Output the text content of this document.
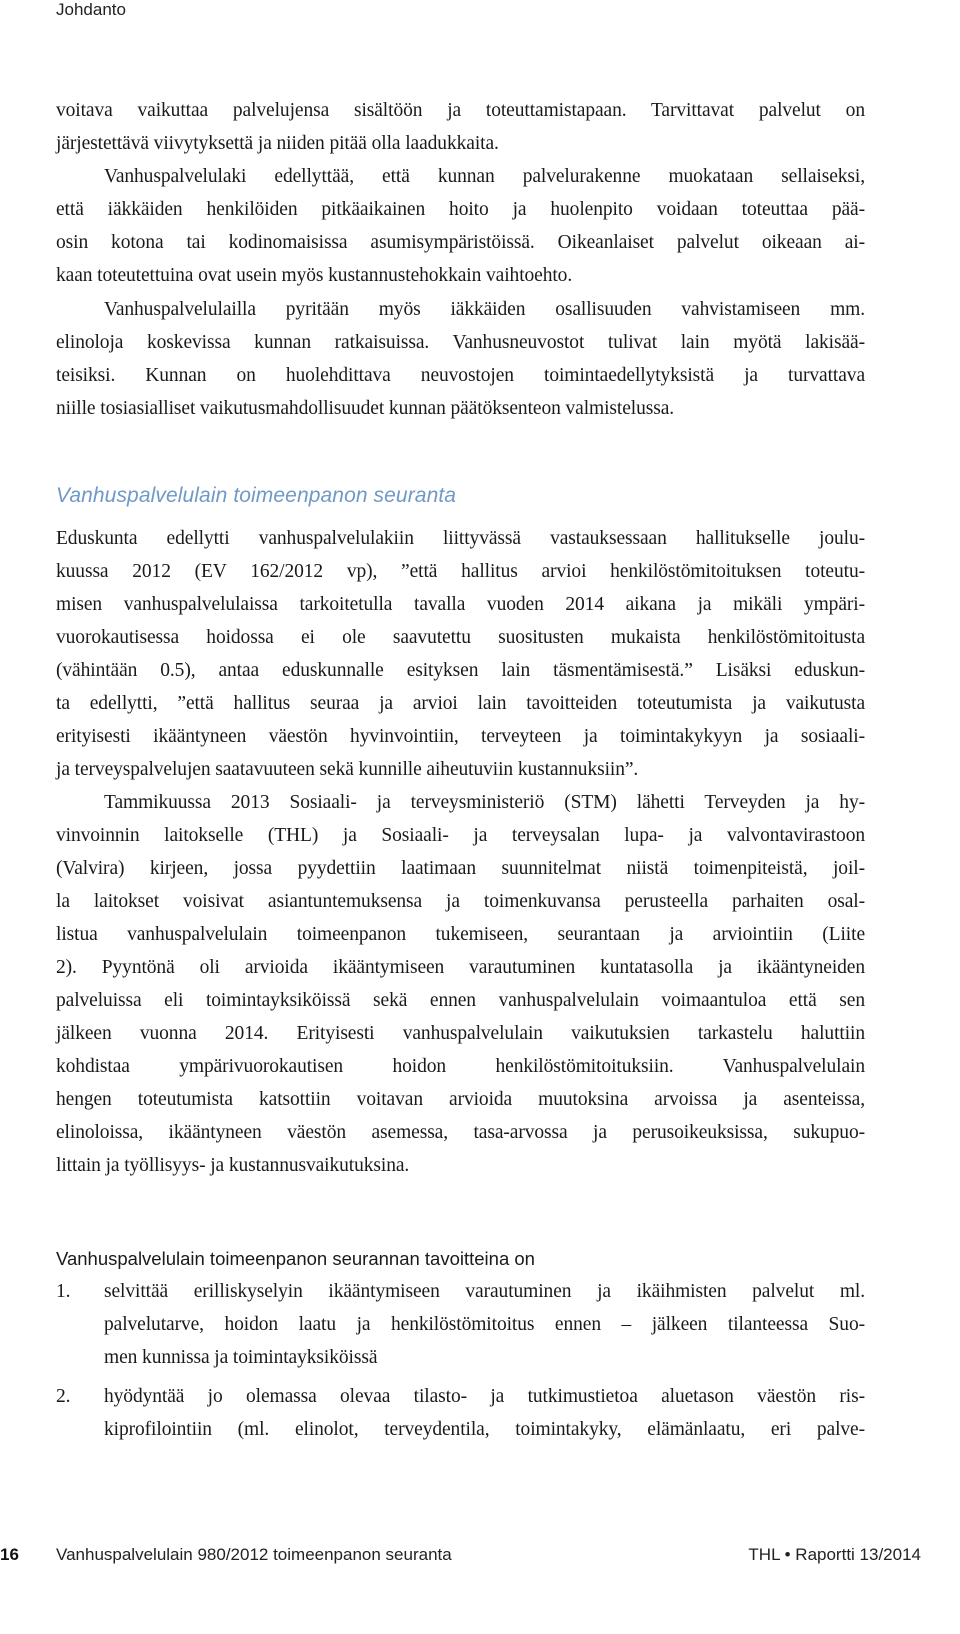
Johdanto
voitava vaikuttaa palvelujensa sisältöön ja toteuttamistapaan. Tarvittavat palvelut on
järjestettävä viivytyksettä ja niiden pitää olla laadukkaita.
Vanhuspalvelulaki edellyttää, että kunnan palvelurakenne muokataan sellaiseksi,
että iäkkäiden henkilöiden pitkäaikainen hoito ja huolenpito voidaan toteuttaa pää-
osin kotona tai kodinomaisissa asumisympäristöissä. Oikeanlaiset palvelut oikeaan ai-
kaan toteutettuina ovat usein myös kustannustehokkain vaihtoehto.
Vanhuspalvelulailla pyritään myös iäkkäiden osallisuuden vahvistamiseen mm.
elinoloja koskevissa kunnan ratkaisuissa. Vanhusneuvostot tulivat lain myötä lakisää-
teisiksi. Kunnan on huolehdittava neuvostojen toimintaedellytyksistä ja turvattava
niille tosiasialliset vaikutusmahdollisuudet kunnan päätöksenteon valmistelussa.
Vanhuspalvelulain toimeenpanon seuranta
Eduskunta edellytti vanhuspalvelulakiin liittyvässä vastauksessaan hallitukselle joulu-
kuussa 2012 (EV 162/2012 vp), ”että hallitus arvioi henkilöstömitoituksen toteutu-
misen vanhuspalvelulaissa tarkoitetulla tavalla vuoden 2014 aikana ja mikäli ympäri-
vuorokautisessa hoidossa ei ole saavutettu suositusten mukaista henkilöstömitoitusta
(vähintään 0.5), antaa eduskunnalle esityksen lain täsmentämisestä.” Lisäksi eduskun-
ta edellytti, ”että hallitus seuraa ja arvioi lain tavoitteiden toteutumista ja vaikutusta
erityisesti ikääntyneen väestön hyvinvointiin, terveyteen ja toimintakykyyn ja sosiaali-
ja terveyspalvelujen saatavuuteen sekä kunnille aiheutuviin kustannuksiin”.
Tammikuussa 2013 Sosiaali- ja terveysministeriö (STM) lähetti Terveyden ja hy-
vinvoinnin laitokselle (THL) ja Sosiaali- ja terveysalan lupa- ja valvontavirastoon
(Valvira) kirjeen, jossa pyydettiin laatimaan suunnitelmat niistä toimenpiteistä, joil-
la laitokset voisivat asiantuntemuksensa ja toimenkuvansa perusteella parhaiten osal-
listua vanhuspalvelulain toimeenpanon tukemiseen, seurantaan ja arviointiin (Liite
2). Pyyntönä oli arvioida ikääntymiseen varautuminen kuntatasolla ja ikääntyneiden
palveluissa eli toimintayksiköissä sekä ennen vanhuspalvelulain voimaantuloa että sen
jälkeen vuonna 2014. Erityisesti vanhuspalvelulain vaikutuksien tarkastelu haluttiin
kohdistaa ympärivuorokautisen hoidon henkilöstömitoituksiin. Vanhuspalvelulain
hengen toteutumista katsottiin voitavan arvioida muutoksina arvoissa ja asenteissa,
elinoloissa, ikääntyneen väestön asemessa, tasa-arvossa ja perusoikeuksissa, sukupuo-
littain ja työllisyys- ja kustannusvaikutuksina.
Vanhuspalvelulain toimeenpanon seurannan tavoitteina on
1.	selvittää erilliskyselyin ikääntymiseen varautuminen ja ikäihmisten palvelut ml.
palvelutarve, hoidon laatu ja henkilöstömitoitus ennen – jälkeen tilanteessa Suo-
men kunnissa ja toimintayksiköissä
2.	hyödyntää jo olemassa olevaa tilasto- ja tutkimustietoa aluetason väestön ris-
kiprofilointiin (ml. elinolot, terveydentila, toimintakyky, elämänlaatu, eri palve-
16 Vanhuspalvelulain 980/2012 toimeenpanon seuranta	THL • Raportti 13/2014
